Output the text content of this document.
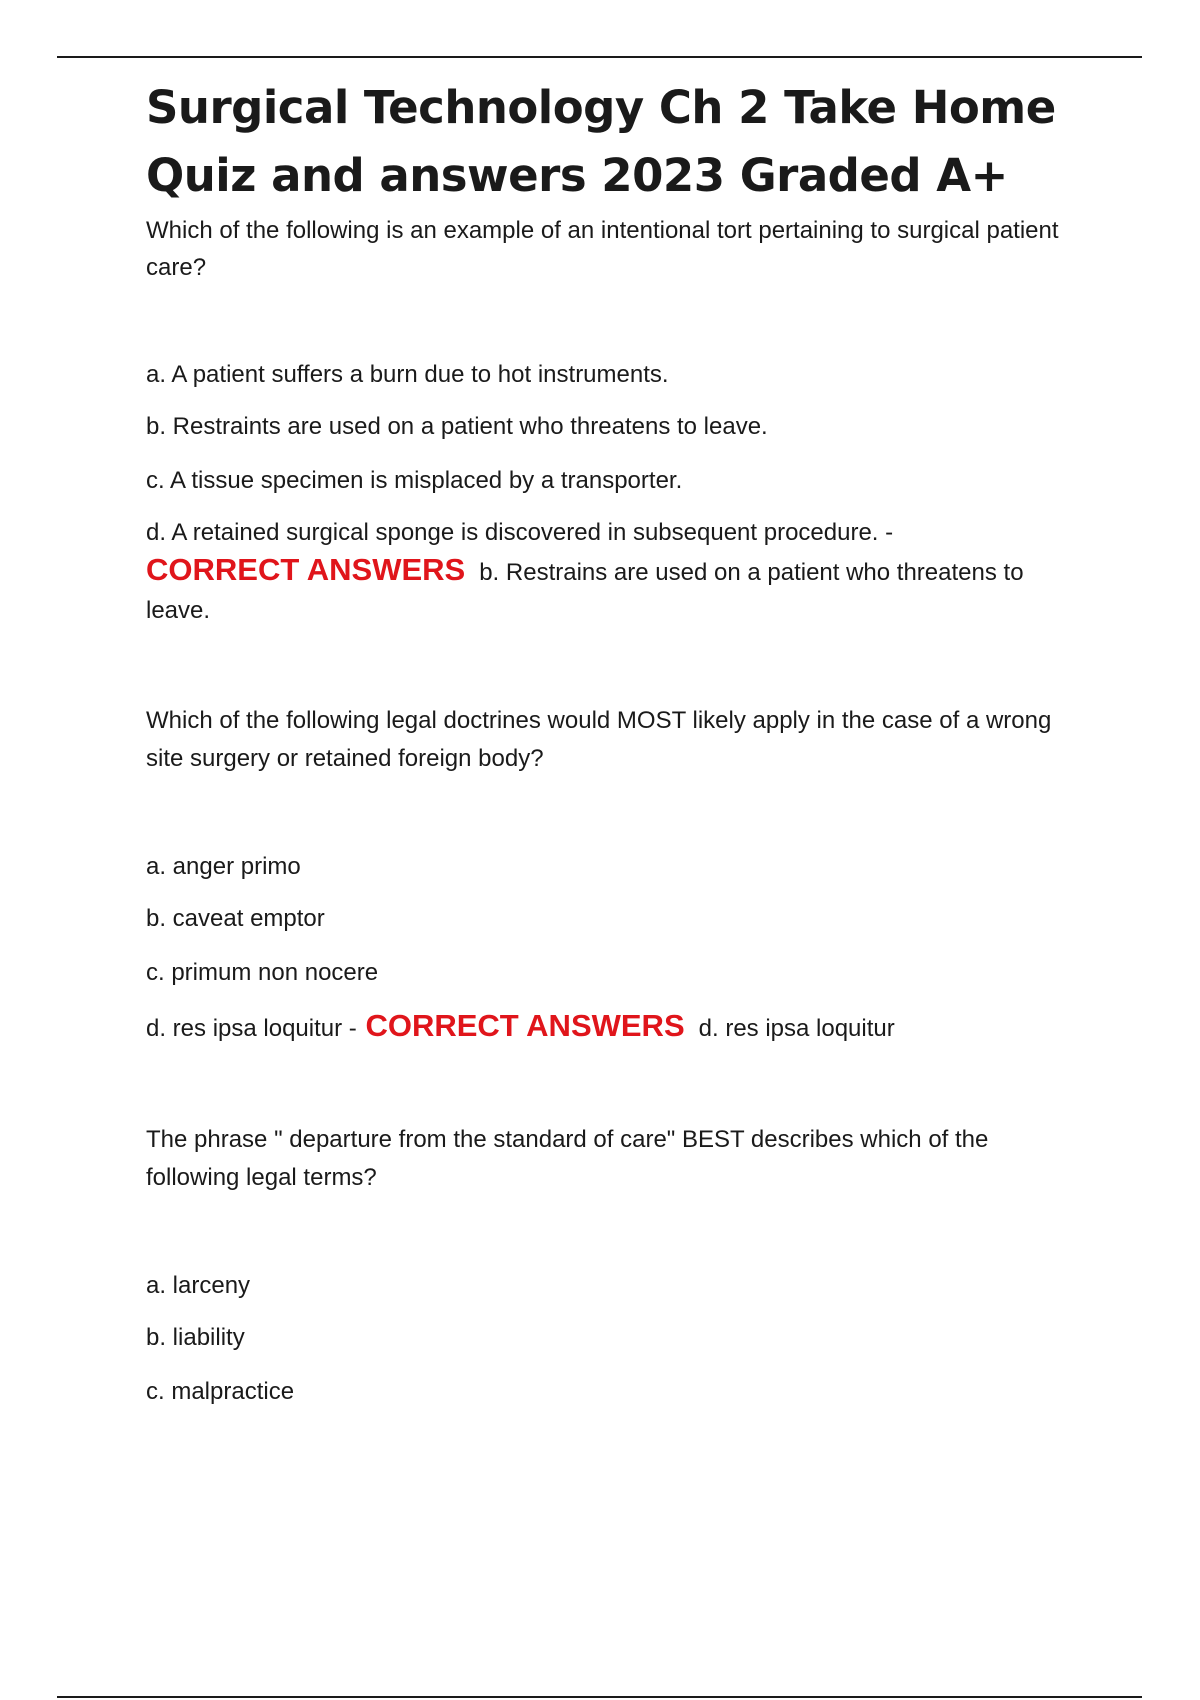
Surgical Technology Ch 2 Take Home Quiz and answers 2023 Graded A+

Which of the following is an example of an intentional tort pertaining to surgical patient care?

a. A patient suffers a burn due to hot instruments.

b. Restraints are used on a patient who threatens to leave.

c. A tissue specimen is misplaced by a transporter.

d. A retained surgical sponge is discovered in subsequent procedure. -

CORRECT ANSWERS b. Restrains are used on a patient who threatens to leave.

Which of the following legal doctrines would MOST likely apply in the case of a wrong site surgery or retained foreign body?

a. anger primo

b. caveat emptor

c. primum non nocere

d. res ipsa loquitur - CORRECT ANSWERS d. res ipsa loquitur

The phrase " departure from the standard of care" BEST describes which of the following legal terms?

a. larceny

b. liability

c. malpractice
